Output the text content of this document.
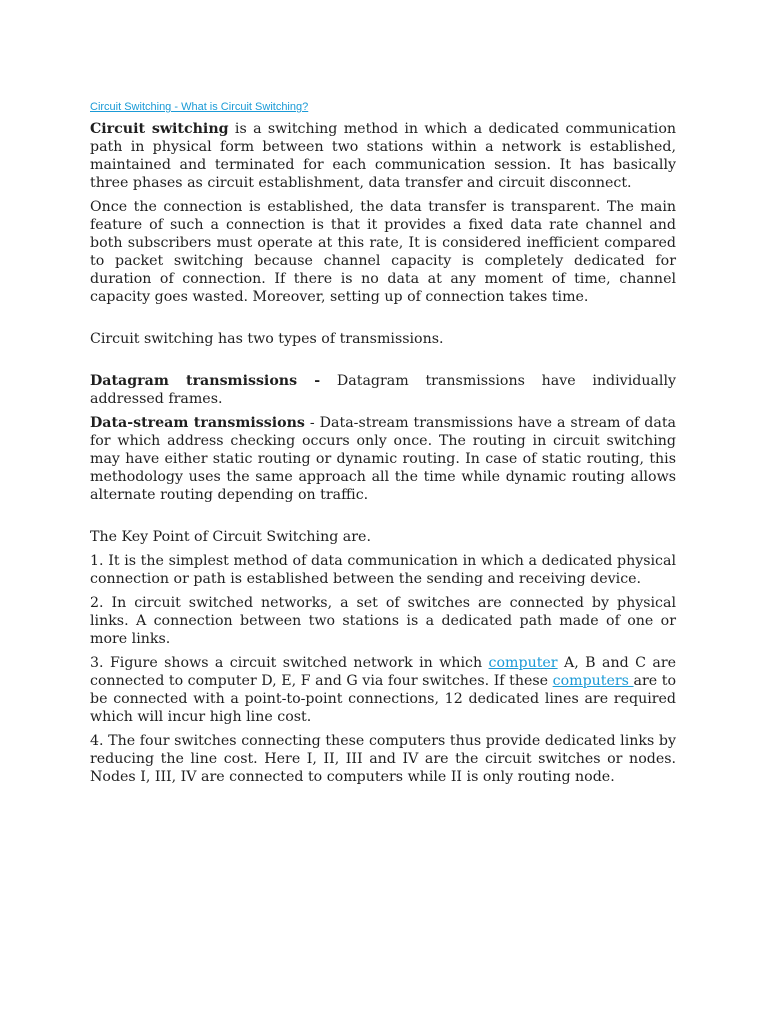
Circuit Switching - What is Circuit Switching?

Circuit switching is a switching method in which a dedicated communication path in physical form between two stations within a network is established, maintained and terminated for each communication session. It has basically three phases as circuit establishment, data transfer and circuit disconnect.

Once the connection is established, the data transfer is transparent. The main feature of such a connection is that it provides a fixed data rate channel and both subscribers must operate at this rate, It is considered inefficient compared to packet switching because channel capacity is completely dedicated for duration of connection. If there is no data at any moment of time, channel capacity goes wasted. Moreover, setting up of connection takes time.

Circuit switching has two types of transmissions.

Datagram transmissions - Datagram transmissions have individually addressed frames.

Data-stream transmissions - Data-stream transmissions have a stream of data for which address checking occurs only once. The routing in circuit switching may have either static routing or dynamic routing. In case of static routing, this methodology uses the same approach all the time while dynamic routing allows alternate routing depending on traffic.

The Key Point of Circuit Switching are.

1. It is the simplest method of data communication in which a dedicated physical connection or path is established between the sending and receiving device.

2. In circuit switched networks, a set of switches are connected by physical links. A connection between two stations is a dedicated path made of one or more links.

3. Figure shows a circuit switched network in which computer A, B and C are connected to computer D, E, F and G via four switches. If these computers are to be connected with a point-to-point connections, 12 dedicated lines are required which will incur high line cost.

4. The four switches connecting these computers thus provide dedicated links by reducing the line cost. Here I, II, III and IV are the circuit switches or nodes. Nodes I, III, IV are connected to computers while II is only routing node.
